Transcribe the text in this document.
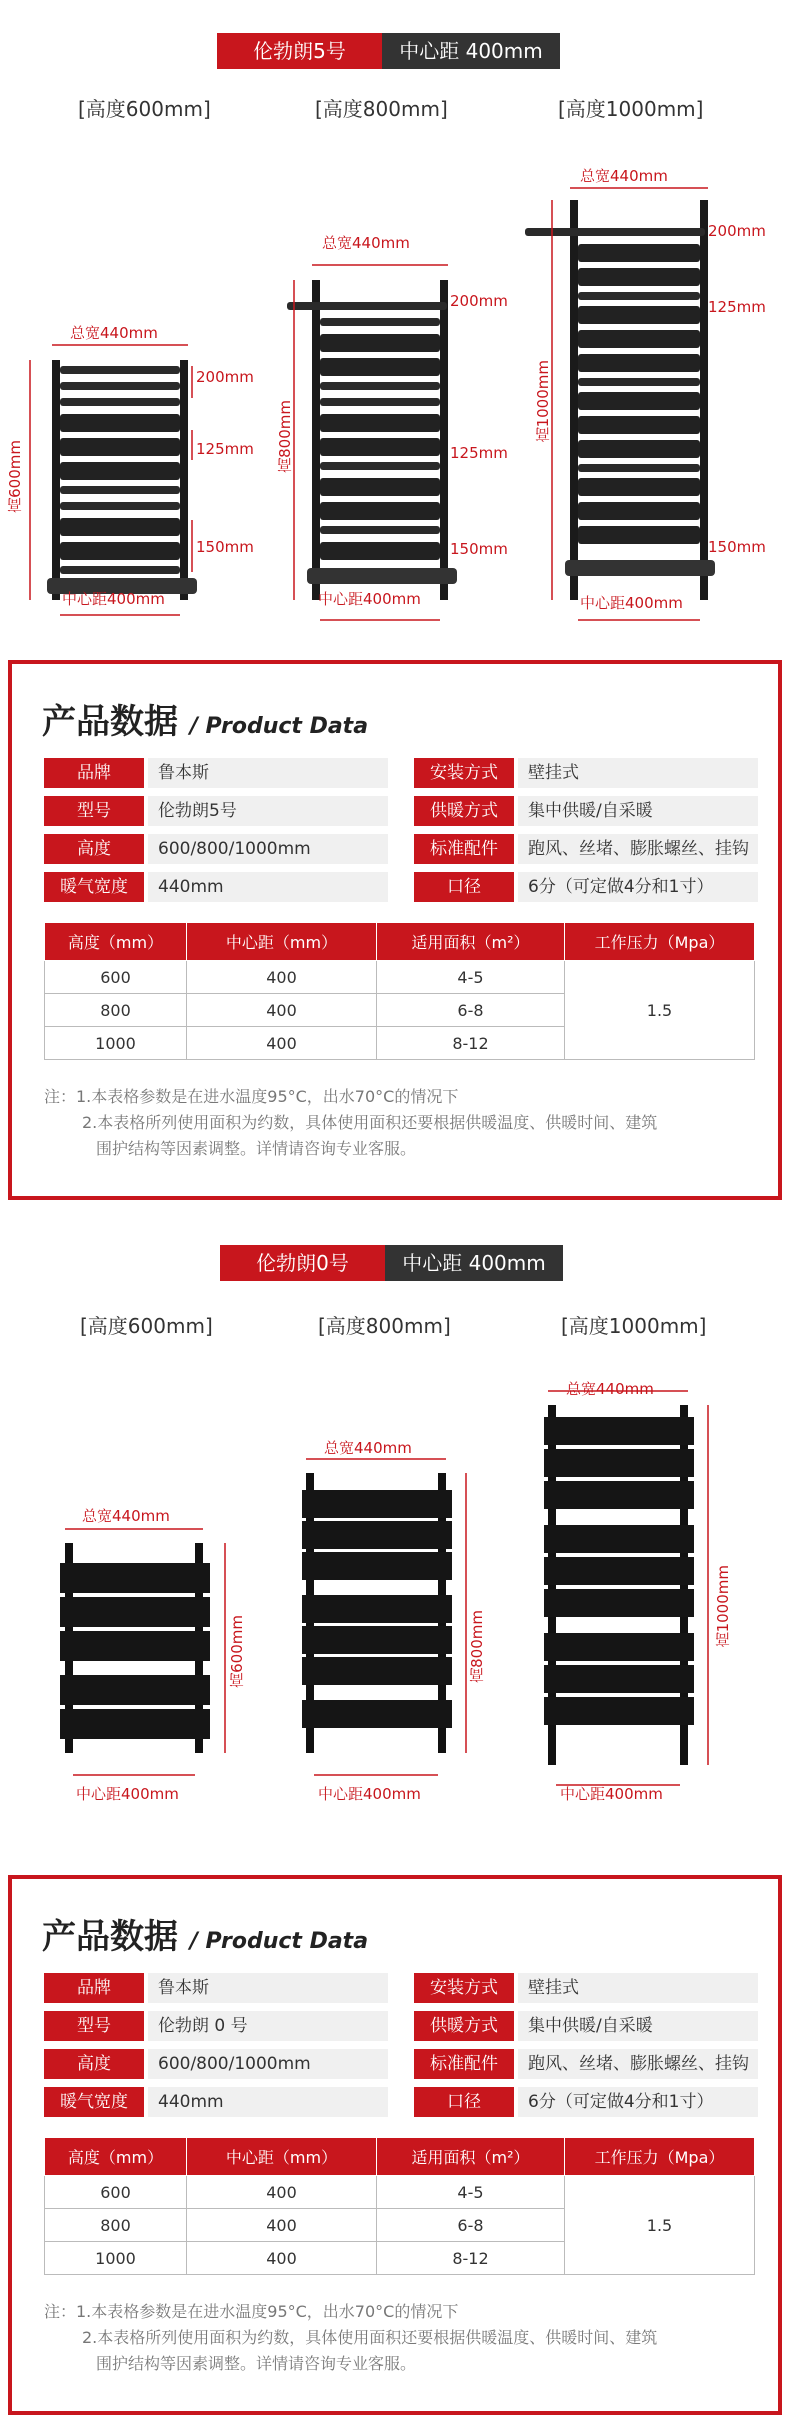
伦勃朗5号	中心距 400mm
[高度600mm]	[高度800mm]	[高度1000mm]
总宽440mm
高600mm
200mm
125mm
150mm
中心距400mm
总宽440mm
高800mm
200mm
125mm
150mm
中心距400mm
总宽440mm
高1000mm
200mm
125mm
150mm
中心距400mm
产品数据 / Product Data
品牌	鲁本斯	安装方式	壁挂式
型号	伦勃朗5号	供暖方式	集中供暖/自采暖
高度	600/800/1000mm	标准配件	跑风、丝堵、膨胀螺丝、挂钩
暖气宽度	440mm	口径	6分（可定做4分和1寸）
高度（mm）	中心距（mm）	适用面积（m²）	工作压力（Mpa）
600	400	4-5	1.5
800	400	6-8	
1000	400	8-12	

注：1.本表格参数是在进水温度95°C，出水70°C的情况下

2.本表格所列使用面积为约数，具体使用面积还要根据供暖温度、供暖时间、建筑

围护结构等因素调整。详情请咨询专业客服。

伦勃朗0号	中心距 400mm
[高度600mm]	[高度800mm]	[高度1000mm]
总宽440mm
高600mm
中心距400mm
总宽440mm
高800mm
中心距400mm
总宽440mm
高1000mm
中心距400mm
产品数据 / Product Data
品牌	鲁本斯	安装方式	壁挂式
型号	伦勃朗 0 号	供暖方式	集中供暖/自采暖
高度	600/800/1000mm	标准配件	跑风、丝堵、膨胀螺丝、挂钩
暖气宽度	440mm	口径	6分（可定做4分和1寸）
高度（mm）	中心距（mm）	适用面积（m²）	工作压力（Mpa）
600	400	4-5	1.5
800	400	6-8	
1000	400	8-12	

注：1.本表格参数是在进水温度95°C，出水70°C的情况下

2.本表格所列使用面积为约数，具体使用面积还要根据供暖温度、供暖时间、建筑

围护结构等因素调整。详情请咨询专业客服。
